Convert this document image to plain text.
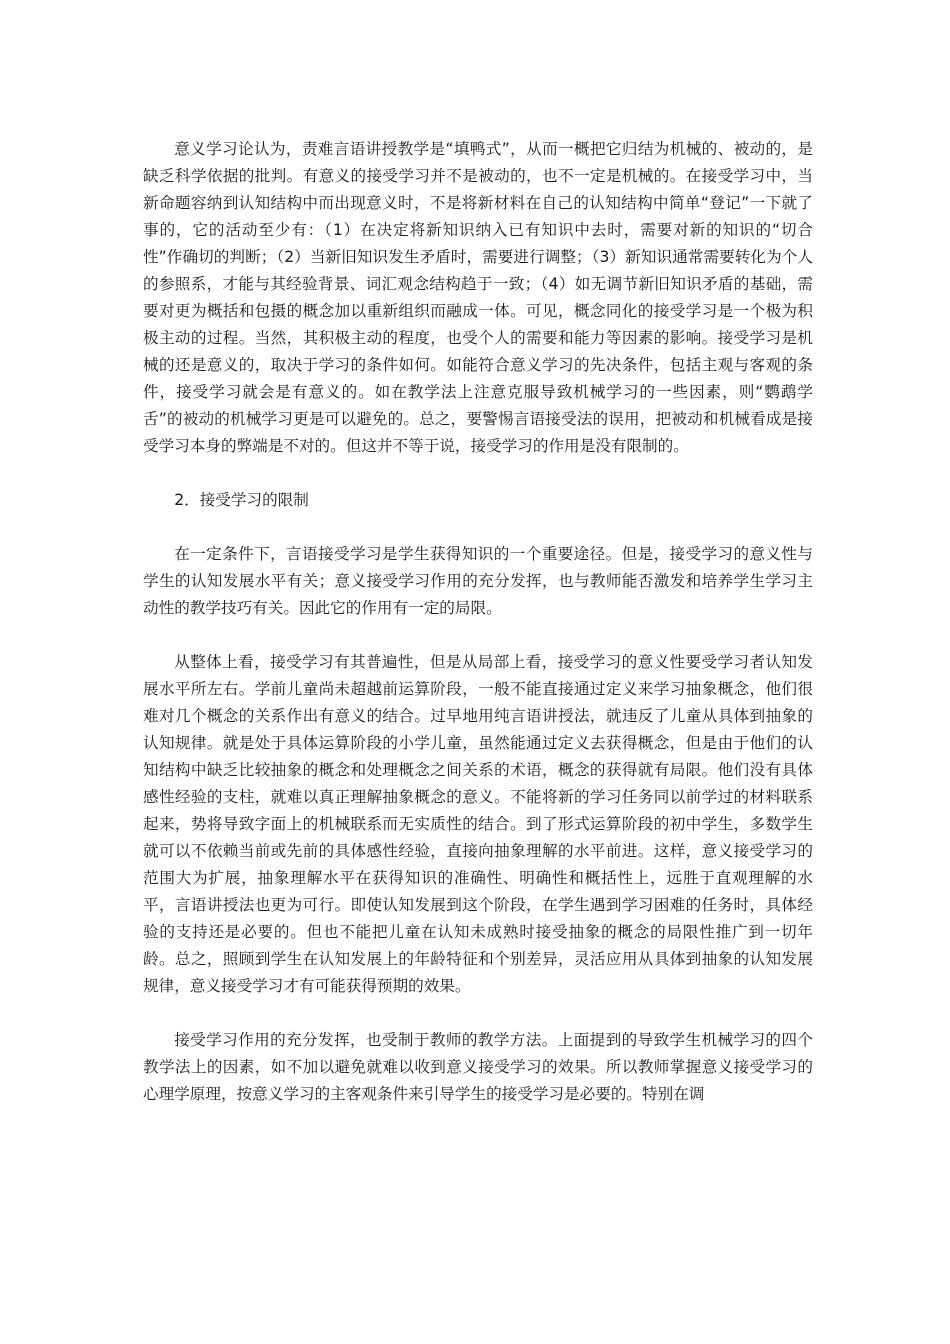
意义学习论认为，责难言语讲授教学是“填鸭式”，从而一概把它归结为机械的、被动的，是缺乏科学依据的批判。有意义的接受学习并不是被动的，也不一定是机械的。在接受学习中，当新命题容纳到认知结构中而出现意义时，不是将新材料在自己的认知结构中简单“登记”一下就了事的，它的活动至少有：（1）在决定将新知识纳入已有知识中去时，需要对新的知识的“切合性”作确切的判断；（2）当新旧知识发生矛盾时，需要进行调整；（3）新知识通常需要转化为个人的参照系，才能与其经验背景、词汇观念结构趋于一致；（4）如无调节新旧知识矛盾的基础，需要对更为概括和包摄的概念加以重新组织而融成一体。可见，概念同化的接受学习是一个极为积极主动的过程。当然，其积极主动的程度，也受个人的需要和能力等因素的影响。接受学习是机械的还是意义的，取决于学习的条件如何。如能符合意义学习的先决条件，包括主观与客观的条件，接受学习就会是有意义的。如在教学法上注意克服导致机械学习的一些因素，则“鹦鹉学舌”的被动的机械学习更是可以避免的。总之，要警惕言语接受法的误用，把被动和机械看成是接受学习本身的弊端是不对的。但这并不等于说，接受学习的作用是没有限制的。

2．接受学习的限制

在一定条件下，言语接受学习是学生获得知识的一个重要途径。但是，接受学习的意义性与学生的认知发展水平有关；意义接受学习作用的充分发挥，也与教师能否激发和培养学生学习主动性的教学技巧有关。因此它的作用有一定的局限。

从整体上看，接受学习有其普遍性，但是从局部上看，接受学习的意义性要受学习者认知发展水平所左右。学前儿童尚未超越前运算阶段，一般不能直接通过定义来学习抽象概念，他们很难对几个概念的关系作出有意义的结合。过早地用纯言语讲授法，就违反了儿童从具体到抽象的认知规律。就是处于具体运算阶段的小学儿童，虽然能通过定义去获得概念，但是由于他们的认知结构中缺乏比较抽象的概念和处理概念之间关系的术语，概念的获得就有局限。他们没有具体感性经验的支柱，就难以真正理解抽象概念的意义。不能将新的学习任务同以前学过的材料联系起来，势将导致字面上的机械联系而无实质性的结合。到了形式运算阶段的初中学生，多数学生就可以不依赖当前或先前的具体感性经验，直接向抽象理解的水平前进。这样，意义接受学习的范围大为扩展，抽象理解水平在获得知识的准确性、明确性和概括性上，远胜于直观理解的水平，言语讲授法也更为可行。即使认知发展到这个阶段，在学生遇到学习困难的任务时，具体经验的支持还是必要的。但也不能把儿童在认知未成熟时接受抽象的概念的局限性推广到一切年龄。总之，照顾到学生在认知发展上的年龄特征和个别差异，灵活应用从具体到抽象的认知发展规律，意义接受学习才有可能获得预期的效果。

接受学习作用的充分发挥，也受制于教师的教学方法。上面提到的导致学生机械学习的四个教学法上的因素，如不加以避免就难以收到意义接受学习的效果。所以教师掌握意义接受学习的心理学原理，按意义学习的主客观条件来引导学生的接受学习是必要的。特别在调
